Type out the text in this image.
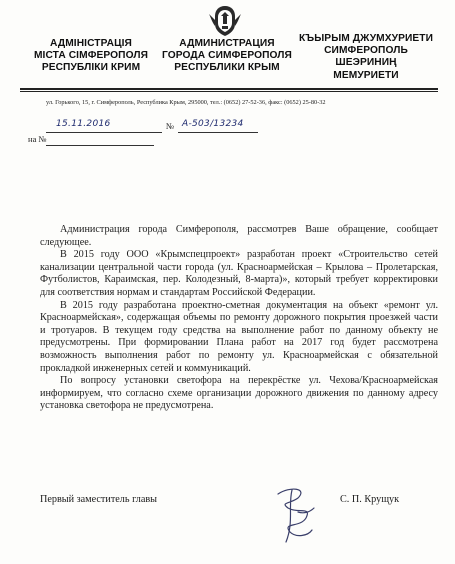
АДМІНІСТРАЦІЯ
МІСТА СІМФЕРОПОЛЯ
РЕСПУБЛІКИ КРИМ
АДМИНИСТРАЦИЯ
ГОРОДА СИМФЕРОПОЛЯ
РЕСПУБЛИКИ КРЫМ
КЪЫРЫМ ДЖУМХУРИЕТИ
СИМФЕРОПОЛЬ
ШЕЭРИНИҢ
МЕМУРИЕТИ
ул. Горького, 15, г. Симферополь, Республика Крым, 295000, тел.: (0652) 27-52-36, факс: (0652) 25-80-32
15.11.2016	№ А-503/13234
на №

Администрация города Симферополя, рассмотрев Ваше обращение, сообщает следующее.

В 2015 году ООО «Крымспецпроект» разработан проект «Строительство сетей канализации центральной части города (ул. Красноармейская – Крылова – Пролетарская, Футболистов, Караимская, пер. Колодезный, 8-марта)», который требует корректировки для соответствия нормам и стандартам Российской Федерации.

В 2015 году разработана проектно-сметная документация на объект «ремонт ул. Красноармейская», содержащая объемы по ремонту дорожного покрытия проезжей части и тротуаров. В текущем году средства на выполнение работ по данному объекту не предусмотрены. При формировании Плана работ на 2017 год будет рассмотрена возможность выполнения работ по ремонту ул. Красноармейская с обязательной прокладкой инженерных сетей и коммуникаций.

По вопросу установки светофора на перекрёстке ул. Чехова/Красноармейская информируем, что согласно схеме организации дорожного движения по данному адресу установка светофора не предусмотрена.

Первый заместитель главы	С. П. Крущук
